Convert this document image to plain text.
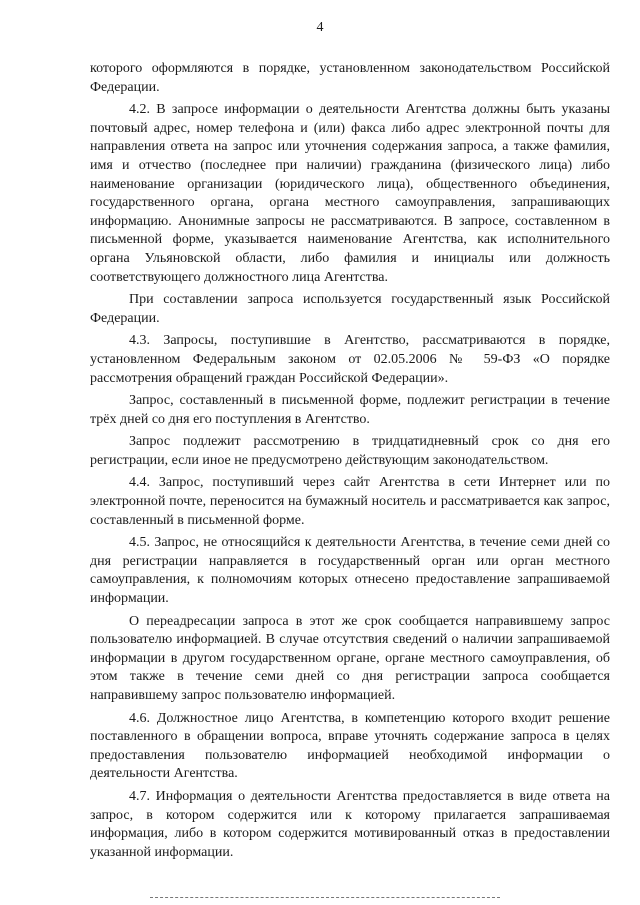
4

которого оформляются в порядке, установленном законодательством Российской Федерации.

4.2. В запросе информации о деятельности Агентства должны быть указаны почтовый адрес, номер телефона и (или) факса либо адрес электронной почты для направления ответа на запрос или уточнения содержания запроса, а также фамилия, имя и отчество (последнее при наличии) гражданина (физического лица) либо наименование организации (юридического лица), общественного объединения, государственного органа, органа местного самоуправления, запрашивающих информацию. Анонимные запросы не рассматриваются. В запросе, составленном в письменной форме, указывается наименование Агентства, как исполнительного органа Ульяновской области, либо фамилия и инициалы или должность соответствующего должностного лица Агентства.

При составлении запроса используется государственный язык Российской Федерации.

4.3. Запросы, поступившие в Агентство, рассматриваются в порядке, установленном Федеральным законом от 02.05.2006 № 59-ФЗ «О порядке рассмотрения обращений граждан Российской Федерации».

Запрос, составленный в письменной форме, подлежит регистрации в течение трёх дней со дня его поступления в Агентство.

Запрос подлежит рассмотрению в тридцатидневный срок со дня его регистрации, если иное не предусмотрено действующим законодательством.

4.4. Запрос, поступивший через сайт Агентства в сети Интернет или по электронной почте, переносится на бумажный носитель и рассматривается как запрос, составленный в письменной форме.

4.5. Запрос, не относящийся к деятельности Агентства, в течение семи дней со дня регистрации направляется в государственный орган или орган местного самоуправления, к полномочиям которых отнесено предоставление запрашиваемой информации.

О переадресации запроса в этот же срок сообщается направившему запрос пользователю информацией. В случае отсутствия сведений о наличии запрашиваемой информации в другом государственном органе, органе местного самоуправления, об этом также в течение семи дней со дня регистрации запроса сообщается направившему запрос пользователю информацией.

4.6. Должностное лицо Агентства, в компетенцию которого входит решение поставленного в обращении вопроса, вправе уточнять содержание запроса в целях предоставления пользователю информацией необходимой информации о деятельности Агентства.

4.7. Информация о деятельности Агентства предоставляется в виде ответа на запрос, в котором содержится или к которому прилагается запрашиваемая информация, либо в котором содержится мотивированный отказ в предоставлении указанной информации.
